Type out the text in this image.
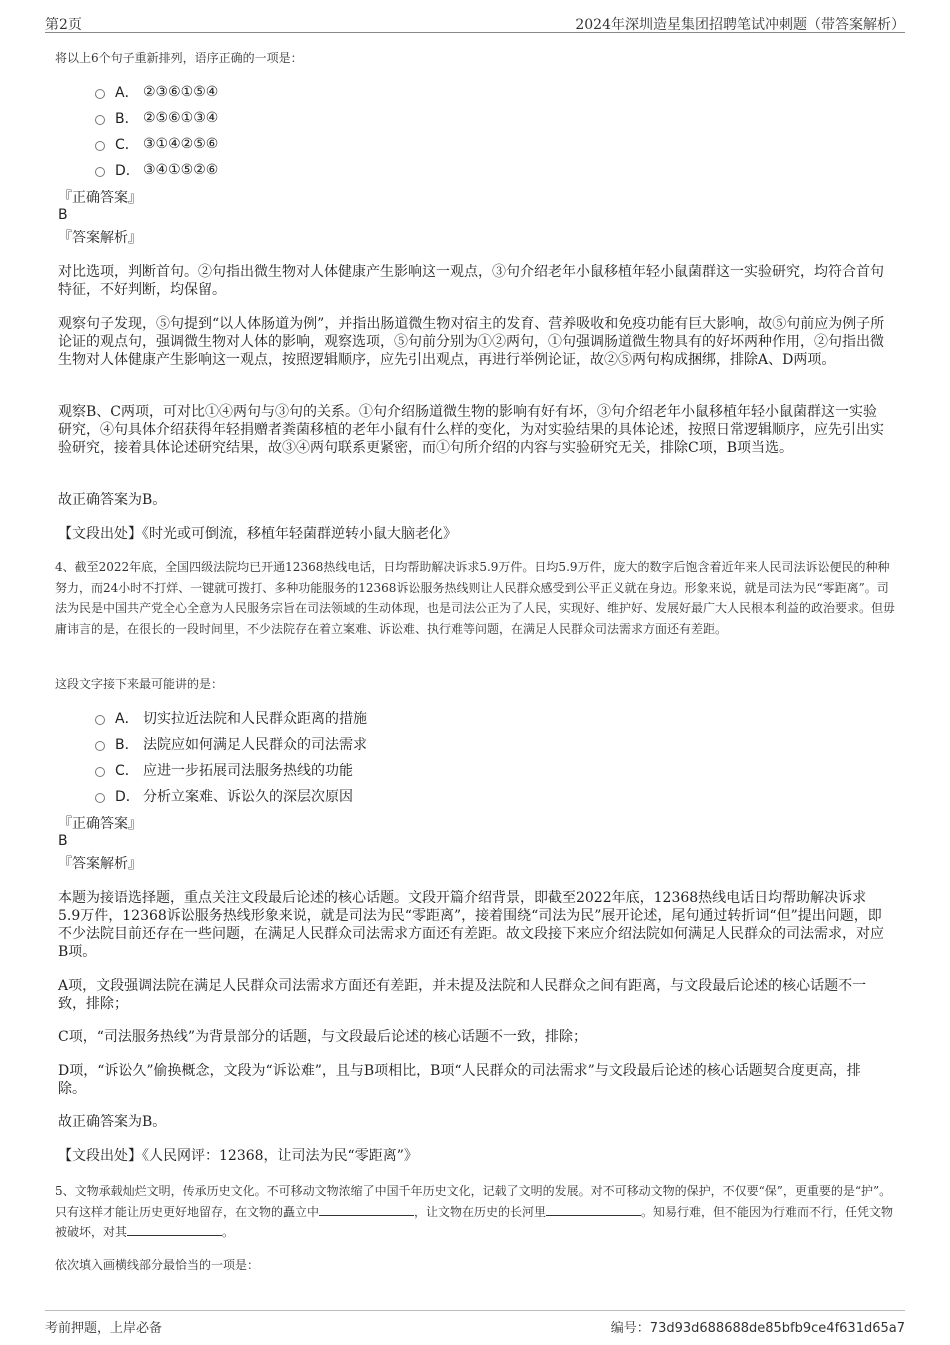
第2页	2024年深圳造星集团招聘笔试冲刺题（带答案解析）
将以上6个句子重新排列，语序正确的一项是：
A． ②③⑥①⑤④
B． ②⑤⑥①③④
C． ③①④②⑤⑥
D． ③④①⑤②⑥
『正确答案』
B
『答案解析』
对比选项，判断首句。②句指出微生物对人体健康产生影响这一观点，③句介绍老年小鼠移植年轻小鼠菌群这一实验研究，均符合首句特征，不好判断，均保留。
观察句子发现，⑤句提到“以人体肠道为例”，并指出肠道微生物对宿主的发育、营养吸收和免疫功能有巨大影响，故⑤句前应为例子所论证的观点句，强调微生物对人体的影响，观察选项，⑤句前分别为①②两句，①句强调肠道微生物具有的好坏两种作用，②句指出微生物对人体健康产生影响这一观点，按照逻辑顺序，应先引出观点，再进行举例论证，故②⑤两句构成捆绑，排除A、D两项。
观察B、C两项，可对比①④两句与③句的关系。①句介绍肠道微生物的影响有好有坏，③句介绍老年小鼠移植年轻小鼠菌群这一实验研究，④句具体介绍获得年轻捐赠者粪菌移植的老年小鼠有什么样的变化，为对实验结果的具体论述，按照日常逻辑顺序，应先引出实验研究，接着具体论述研究结果，故③④两句联系更紧密，而①句所介绍的内容与实验研究无关，排除C项，B项当选。
故正确答案为B。
【文段出处】《时光或可倒流，移植年轻菌群逆转小鼠大脑老化》
4、截至2022年底，全国四级法院均已开通12368热线电话，日均帮助解决诉求5.9万件。日均5.9万件，庞大的数字后饱含着近年来人民司法诉讼便民的种种努力，而24小时不打烊、一键就可拨打、多种功能服务的12368诉讼服务热线则让人民群众感受到公平正义就在身边。形象来说，就是司法为民“零距离”。司法为民是中国共产党全心全意为人民服务宗旨在司法领域的生动体现，也是司法公正为了人民，实现好、维护好、发展好最广大人民根本利益的政治要求。但毋庸讳言的是，在很长的一段时间里，不少法院存在着立案难、诉讼难、执行难等问题，在满足人民群众司法需求方面还有差距。
这段文字接下来最可能讲的是：
A． 切实拉近法院和人民群众距离的措施
B． 法院应如何满足人民群众的司法需求
C． 应进一步拓展司法服务热线的功能
D． 分析立案难、诉讼久的深层次原因
『正确答案』
B
『答案解析』
本题为接语选择题，重点关注文段最后论述的核心话题。文段开篇介绍背景，即截至2022年底，12368热线电话日均帮助解决诉求5.9万件，12368诉讼服务热线形象来说，就是司法为民“零距离”，接着围绕“司法为民”展开论述，尾句通过转折词“但”提出问题，即不少法院目前还存在一些问题，在满足人民群众司法需求方面还有差距。故文段接下来应介绍法院如何满足人民群众的司法需求，对应B项。
A项，文段强调法院在满足人民群众司法需求方面还有差距，并未提及法院和人民群众之间有距离，与文段最后论述的核心话题不一致，排除；
C项，“司法服务热线”为背景部分的话题，与文段最后论述的核心话题不一致，排除；
D项，“诉讼久”偷换概念，文段为“诉讼难”，且与B项相比，B项“人民群众的司法需求”与文段最后论述的核心话题契合度更高，排除。
故正确答案为B。
【文段出处】《人民网评：12368，让司法为民“零距离”》
5、文物承载灿烂文明，传承历史文化。不可移动文物浓缩了中国千年历史文化，记载了文明的发展。对不可移动文物的保护，不仅要“保”，更重要的是“护”。只有这样才能让历史更好地留存，在文物的矗立中	，让文物在历史的长河里	。知易行难，但不能因为行难而不行，任凭文物被破坏，对其	。
依次填入画横线部分最恰当的一项是：
考前押题，上岸必备	编号：73d93d688688de85bfb9ce4f631d65a7
